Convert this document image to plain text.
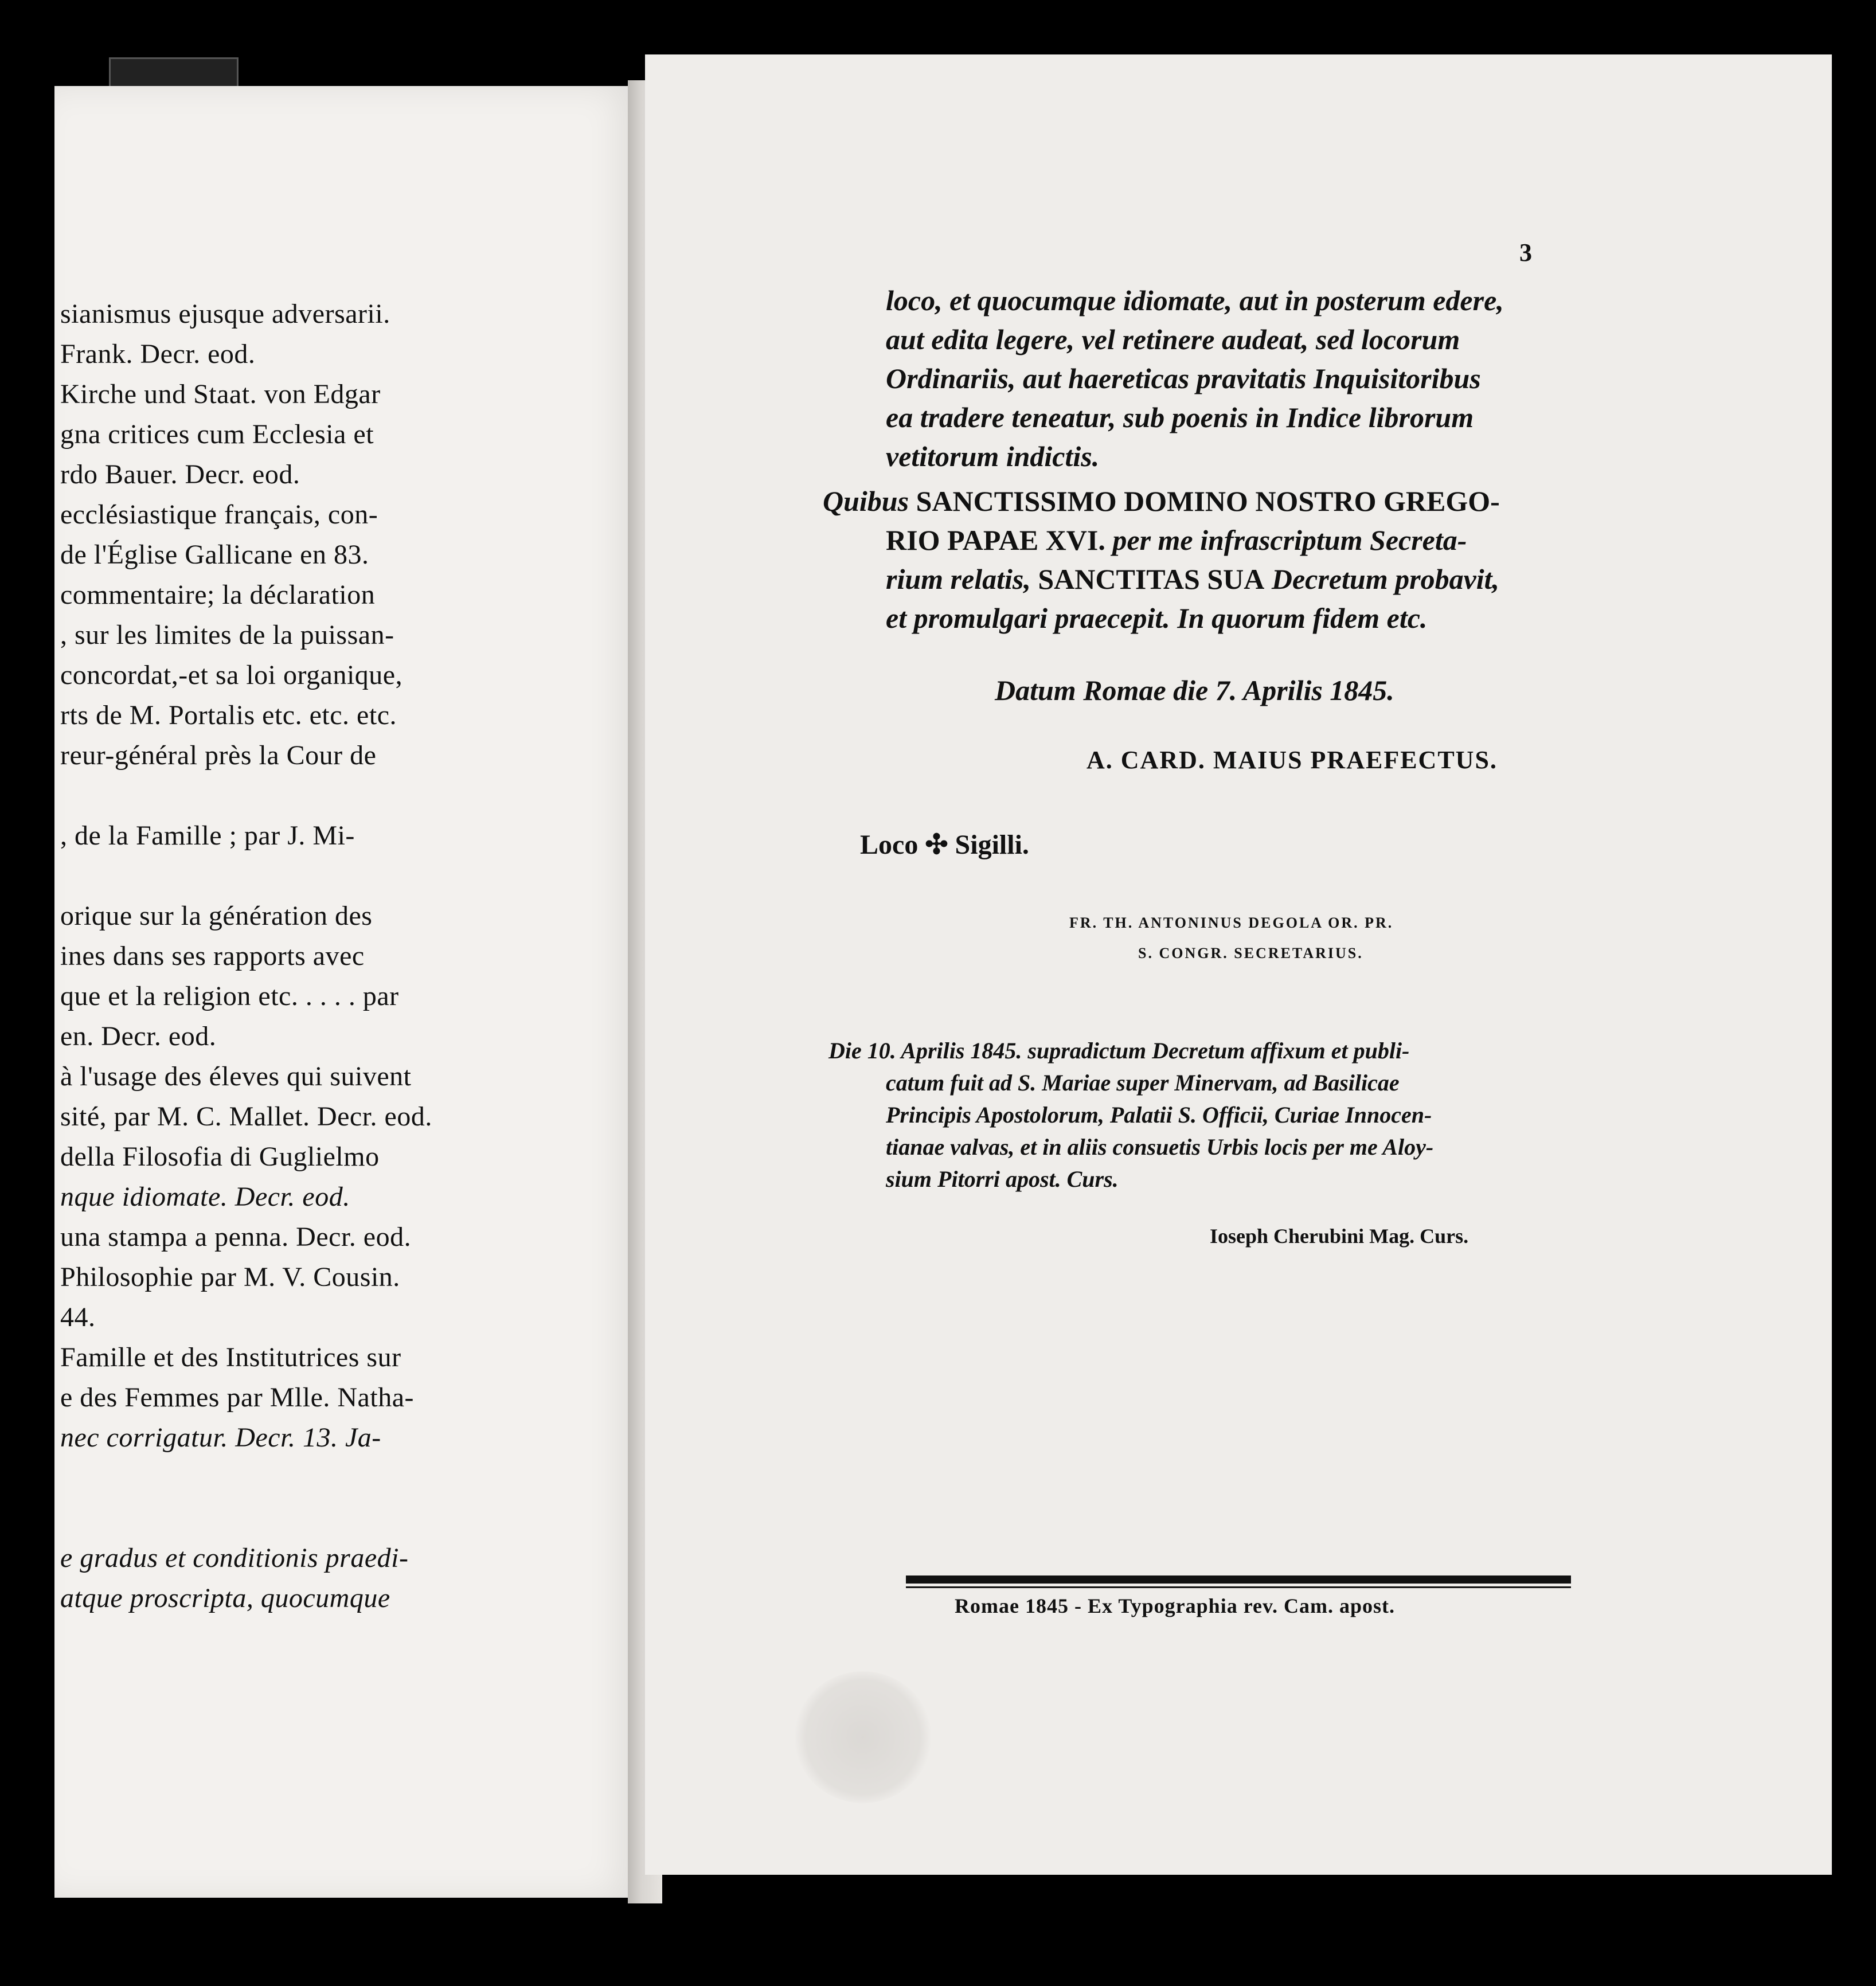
sianismus ejusque adversarii.
Frank. Decr. eod.
Kirche und Staat. von Edgar
gna critices cum Ecclesia et
rdo Bauer. Decr. eod.
ecclésiastique français, con-
de l'Église Gallicane en 83.
commentaire; la déclaration
, sur les limites de la puissan-
concordat,-et sa loi organique,
rts de M. Portalis etc. etc. etc.
reur-général près la Cour de
, de la Famille ; par J. Mi-
orique sur la génération des
ines dans ses rapports avec
que et la religion etc. . . . . par
en. Decr. eod.
à l'usage des éleves qui suivent
sité, par M. C. Mallet. Decr. eod.
della Filosofia di Guglielmo
nque idiomate. Decr. eod.
una stampa a penna. Decr. eod.
Philosophie par M. V. Cousin.
44.
Famille et des Institutrices sur
e des Femmes par Mlle. Natha-
nec corrigatur. Decr. 13. Ja-
e gradus et conditionis praedi-
atque proscripta, quocumque
3
loco, et quocumque idiomate, aut in posterum edere,
aut edita legere, vel retinere audeat, sed locorum
Ordinariis, aut haereticas pravitatis Inquisitoribus
ea tradere teneatur, sub poenis in Indice librorum
vetitorum indictis.
Quibus SANCTISSIMO DOMINO NOSTRO GREGO-
RIO PAPAE XVI. per me infrascriptum Secreta-
rium relatis, SANCTITAS SUA Decretum probavit,
et promulgari praecepit. In quorum fidem etc.
Datum Romae die 7. Aprilis 1845.
A. CARD. MAIUS PRAEFECTUS.
Loco ✣ Sigilli.
FR. TH. ANTONINUS DEGOLA OR. PR.
S. CONGR. SECRETARIUS.
Die 10. Aprilis 1845. supradictum Decretum affixum et publi-
catum fuit ad S. Mariae super Minervam, ad Basilicae
Principis Apostolorum, Palatii S. Officii, Curiae Innocen-
tianae valvas, et in aliis consuetis Urbis locis per me Aloy-
sium Pitorri apost. Curs.
Ioseph Cherubini Mag. Curs.
Romae 1845 - Ex Typographia rev. Cam. apost.
